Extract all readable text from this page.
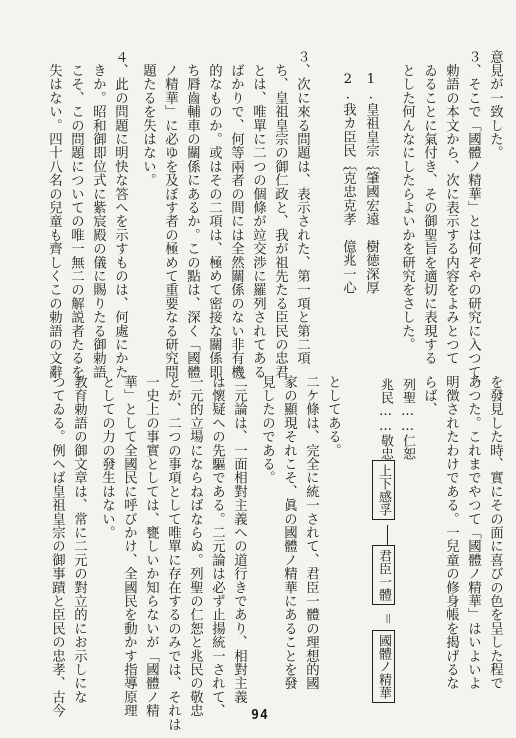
意見が一致した。
３、そこで「國體ノ精華」とは何ぞやの研究に入つて、
　勅語の本文から、次に表示する内容をよみとつて
　ゐることに氣付き、その御聖旨を適切に表現する
　とした何んなにしたらよいかを研究をさした。
1.皇祖皇宗｛肇國宏遠　樹徳深厚
2.我カ臣民｛克忠克孝　億兆一心
３、次に來る問題は、表示された、第一項と第二項
　ち、皇祖皇宗の御仁政と、我が祖先たる臣民の忠君
　とは、唯單に二つの個條が竝交渉に羅列されてある
　ばかりで、何等兩者の間には全然關係のない非有機
　的なものか。或はその二項は、極めて密接な關係即
　ち脣齒輔車の關係にあるか。この點は、深く「國體
　ノ精華」に必ゆを及ぼす者の極めて重要なる研究問
　題たるを失はない。
４、此の問題に明快な答へを示すものは、何處にかた
　きか。昭和御即位式に紫宸殿の儀に賜りたる御勅語
　こそ、この問題についての唯一無二の解説者たるを
　失はない。四十八名の兒童も齊しくこの勅語の文辭
を發見した時、實にその面に喜びの色を呈した程で
あつた。これまでやつて「國體ノ精華」はいよいよ
明徴されたわけである。一兒童の修身帳を揭げるな
らば、
列聖……仁恕
兆民……敬忠
上下感孚
君臣一體
＝
國體ノ精華
としてある。
二ケ條は、完全に統一されて、君臣一體の理想的國
家の顯現それこそ、眞の國體ノ精華にあることを發
見したのである。
二元論は、一面相對主義への道行きであり、相對主義
は懷疑への先驅である。二元論は必ず止揚統一されて、
一元的立場にならねばならぬ。列聖の仁恕と兆民の敬忠
とが、二つの事項として唯單に存在するのみでは、それは
一史上の事實としては、甕しいか知らないが「國體ノ精
華」として全國民に呼びかけ、全國民を動かす指導原理
としての力の發生はない。
教育勅語の御文章は、常に二元の對立的にお示しにな
つてゐる。例へば皇祖皇宗の御事蹟と臣民の忠孝、古今	94
